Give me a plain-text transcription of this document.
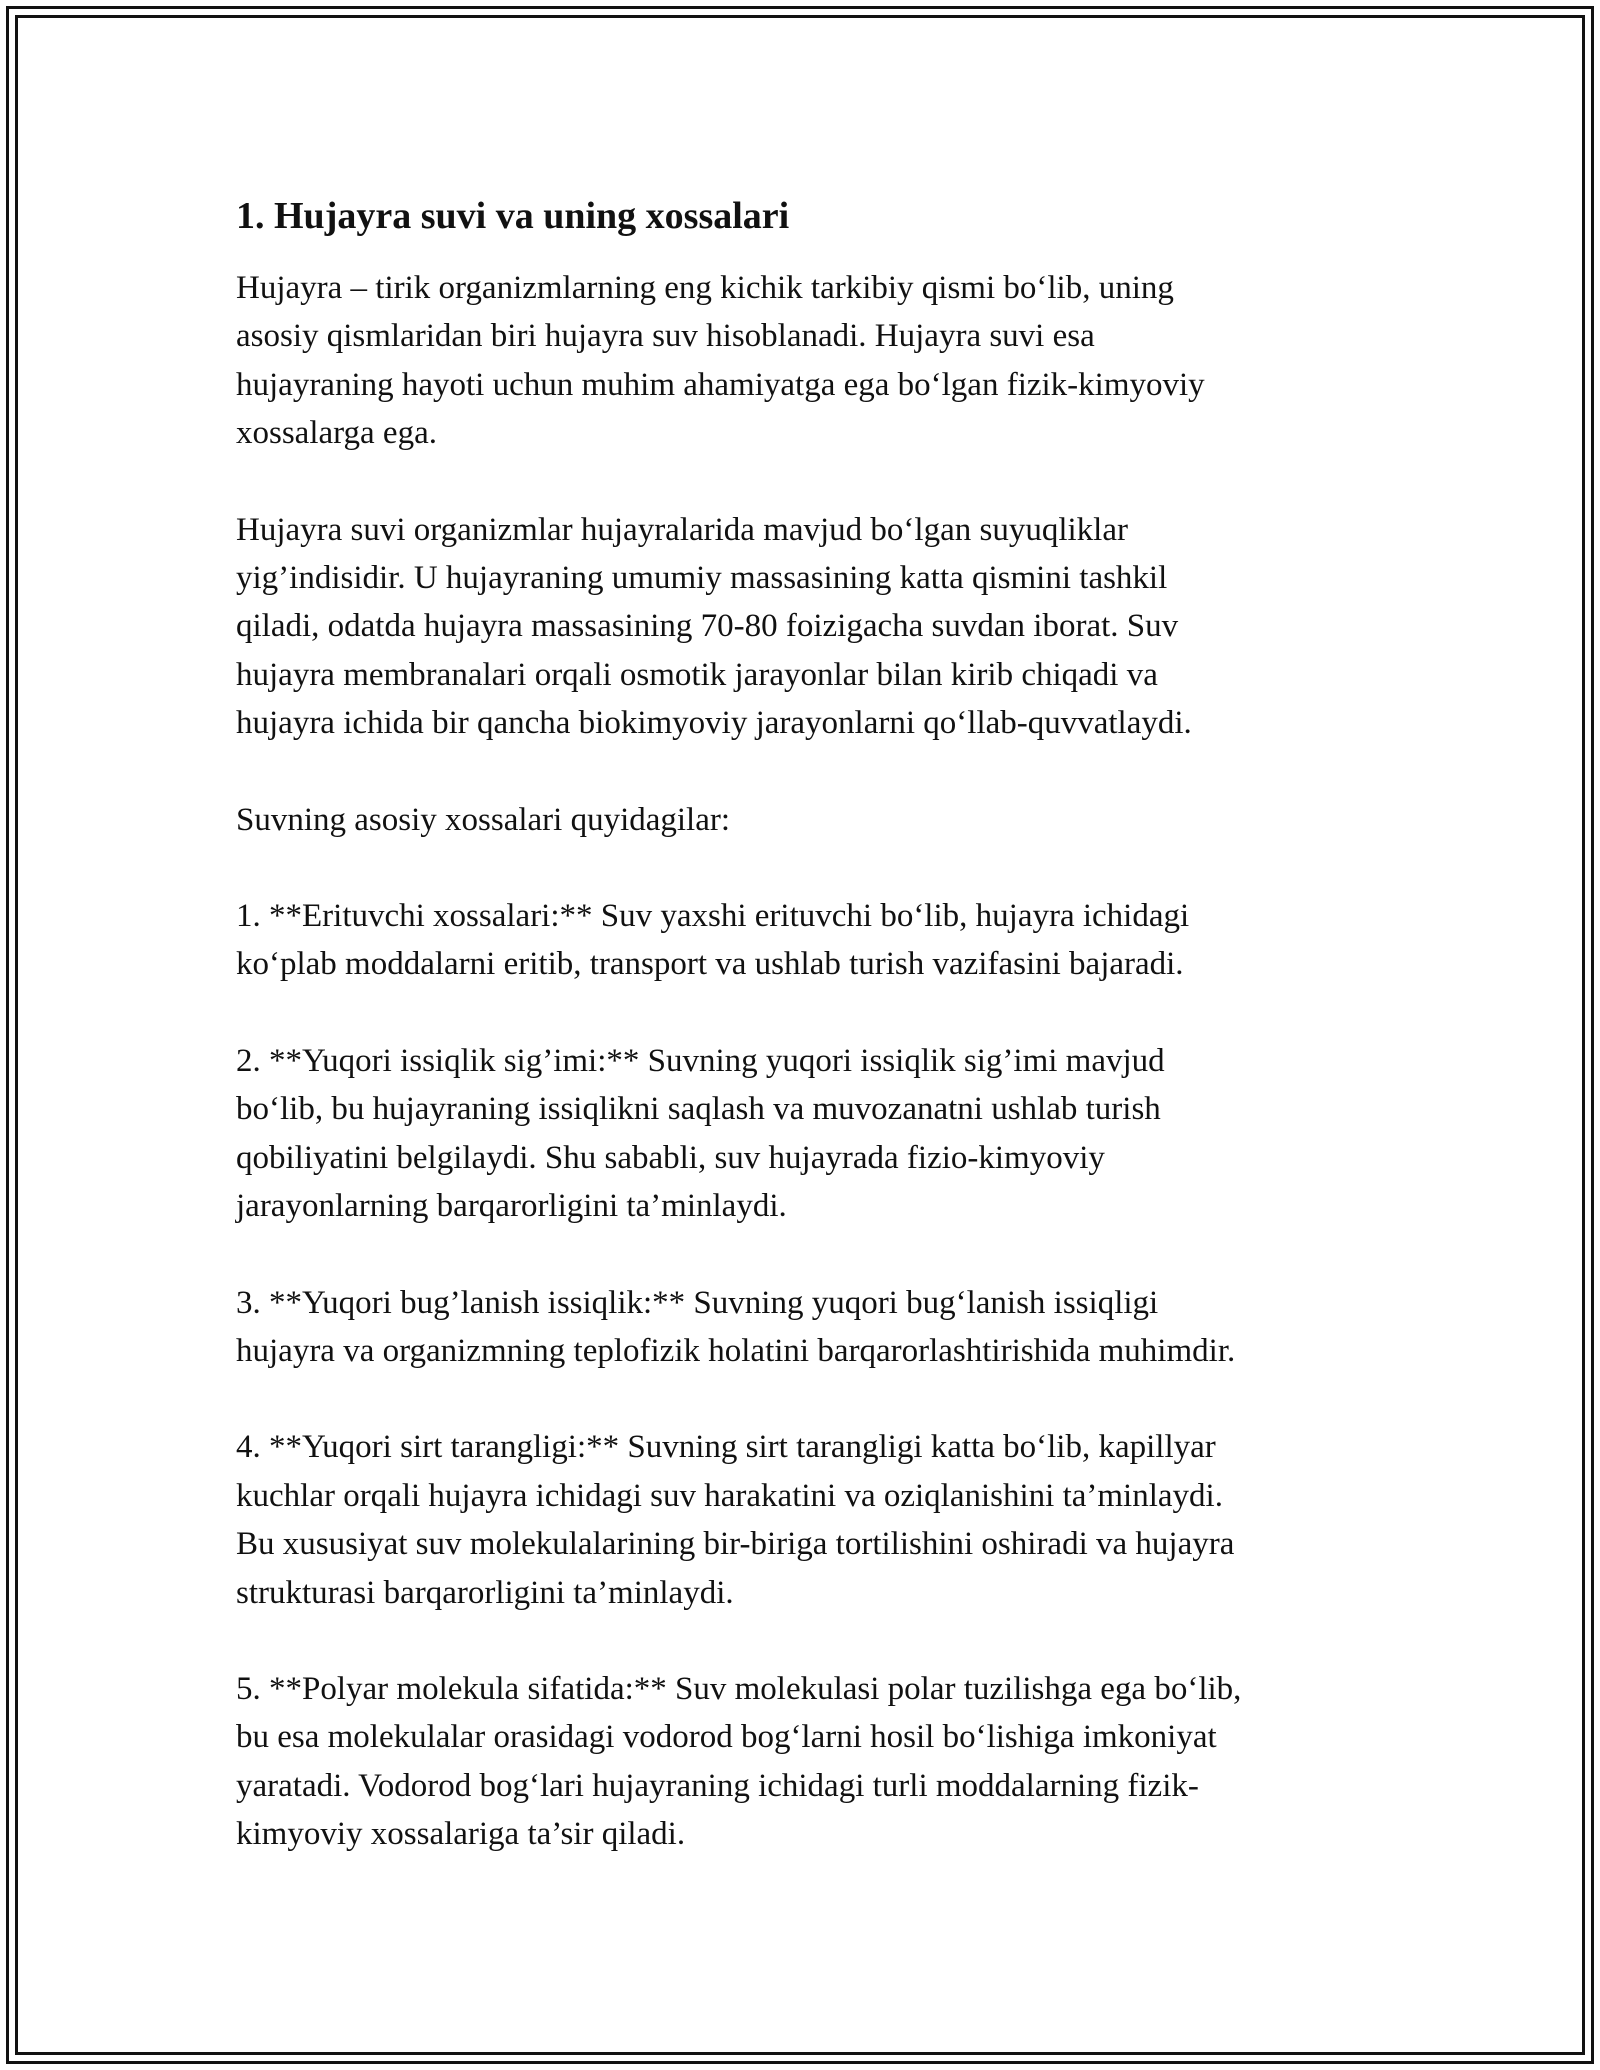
1. Hujayra suvi va uning xossalari

Hujayra – tirik organizmlarning eng kichik tarkibiy qismi bo‘lib, uning
asosiy qismlaridan biri hujayra suv hisoblanadi. Hujayra suvi esa
hujayraning hayoti uchun muhim ahamiyatga ega bo‘lgan fizik-kimyoviy
xossalarga ega.

Hujayra suvi organizmlar hujayralarida mavjud bo‘lgan suyuqliklar
yig’indisidir. U hujayraning umumiy massasining katta qismini tashkil
qiladi, odatda hujayra massasining 70-80 foizigacha suvdan iborat. Suv
hujayra membranalari orqali osmotik jarayonlar bilan kirib chiqadi va
hujayra ichida bir qancha biokimyoviy jarayonlarni qo‘llab-quvvatlaydi.

Suvning asosiy xossalari quyidagilar:

1. **Erituvchi xossalari:** Suv yaxshi erituvchi bo‘lib, hujayra ichidagi
ko‘plab moddalarni eritib, transport va ushlab turish vazifasini bajaradi.

2. **Yuqori issiqlik sig’imi:** Suvning yuqori issiqlik sig’imi mavjud
bo‘lib, bu hujayraning issiqlikni saqlash va muvozanatni ushlab turish
qobiliyatini belgilaydi. Shu sababli, suv hujayrada fizio-kimyoviy
jarayonlarning barqarorligini ta’minlaydi.

3. **Yuqori bug’lanish issiqlik:** Suvning yuqori bug‘lanish issiqligi
hujayra va organizmning teplofizik holatini barqarorlashtirishida muhimdir.

4. **Yuqori sirt tarangligi:** Suvning sirt tarangligi katta bo‘lib, kapillyar
kuchlar orqali hujayra ichidagi suv harakatini va oziqlanishini ta’minlaydi.
Bu xususiyat suv molekulalarining bir-biriga tortilishini oshiradi va hujayra
strukturasi barqarorligini ta’minlaydi.

5. **Polyar molekula sifatida:** Suv molekulasi polar tuzilishga ega bo‘lib,
bu esa molekulalar orasidagi vodorod bog‘larni hosil bo‘lishiga imkoniyat
yaratadi. Vodorod bog‘lari hujayraning ichidagi turli moddalarning fizik-
kimyoviy xossalariga ta’sir qiladi.
